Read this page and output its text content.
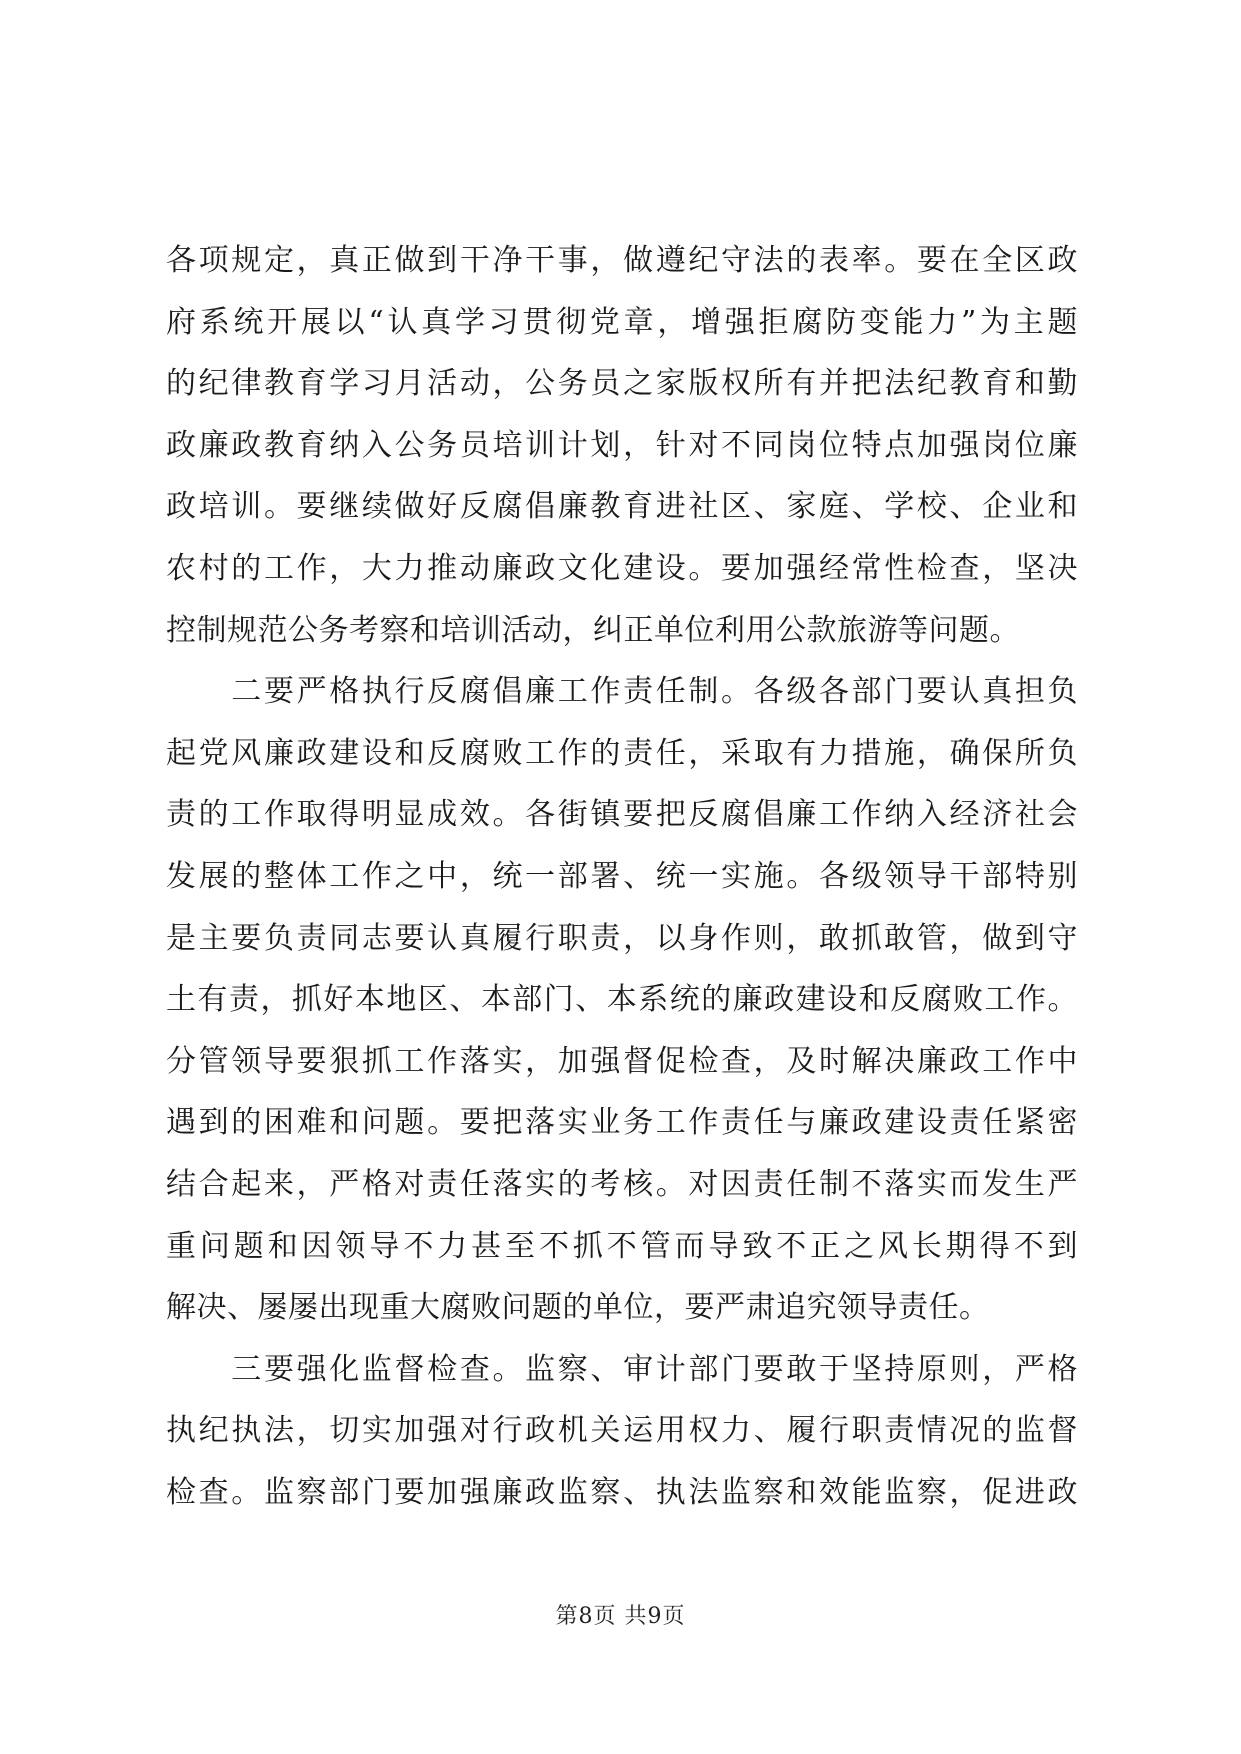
各项规定，真正做到干净干事，做遵纪守法的表率。要在全区政
府系统开展以“认真学习贯彻党章，增强拒腐防变能力”为主题
的纪律教育学习月活动，公务员之家版权所有并把法纪教育和勤
政廉政教育纳入公务员培训计划，针对不同岗位特点加强岗位廉
政培训。要继续做好反腐倡廉教育进社区、家庭、学校、企业和
农村的工作，大力推动廉政文化建设。要加强经常性检查，坚决
控制规范公务考察和培训活动，纠正单位利用公款旅游等问题。
　　二要严格执行反腐倡廉工作责任制。各级各部门要认真担负
起党风廉政建设和反腐败工作的责任，采取有力措施，确保所负
责的工作取得明显成效。各街镇要把反腐倡廉工作纳入经济社会
发展的整体工作之中，统一部署、统一实施。各级领导干部特别
是主要负责同志要认真履行职责，以身作则，敢抓敢管，做到守
土有责，抓好本地区、本部门、本系统的廉政建设和反腐败工作。
分管领导要狠抓工作落实，加强督促检查，及时解决廉政工作中
遇到的困难和问题。要把落实业务工作责任与廉政建设责任紧密
结合起来，严格对责任落实的考核。对因责任制不落实而发生严
重问题和因领导不力甚至不抓不管而导致不正之风长期得不到
解决、屡屡出现重大腐败问题的单位，要严肃追究领导责任。
　　三要强化监督检查。监察、审计部门要敢于坚持原则，严格
执纪执法，切实加强对行政机关运用权力、履行职责情况的监督
检查。监察部门要加强廉政监察、执法监察和效能监察，促进政
第8页 共9页
